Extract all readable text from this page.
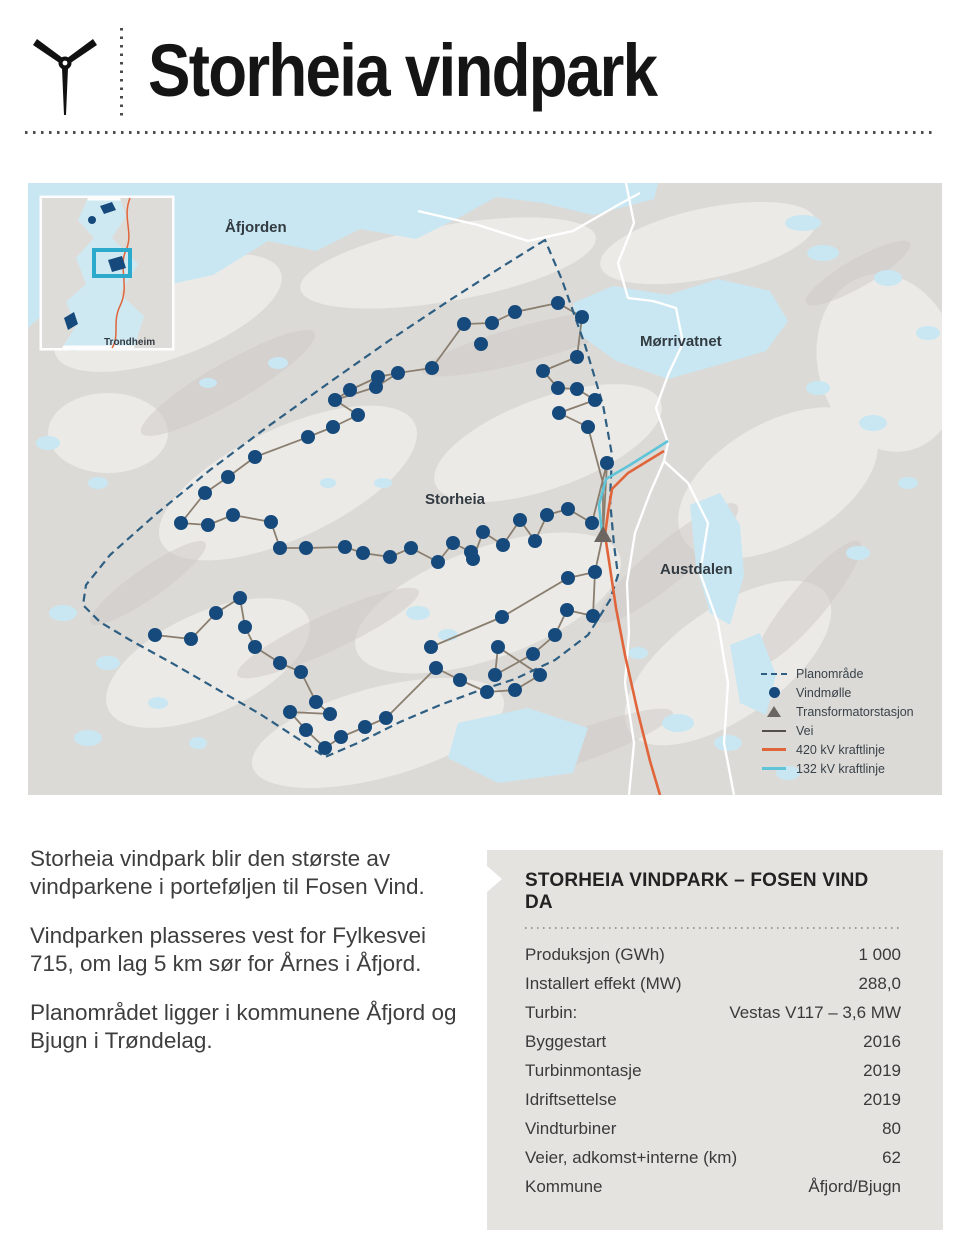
Storheia vindpark
Trondheim
Åfjorden
Mørrivatnet
Storheia
Austdalen
Planområde
Vindmølle
Transformatorstasjon
Vei
420 kV kraftlinje
132 kV kraftlinje

Storheia vindpark blir den største av vindparkene i porteføljen til Fosen Vind.

Vindparken plasseres vest for Fylkesvei 715, om lag 5 km sør for Årnes i Åfjord.

Planområdet ligger i kommunene Åfjord og Bjugn i Trøndelag.

STORHEIA VINDPARK – FOSEN VIND DA
Produksjon (GWh)	1 000
Installert effekt (MW)	288,0
Turbin:	Vestas V117 – 3,6 MW
Byggestart	2016
Turbinmontasje	2019
Idriftsettelse	2019
Vindturbiner	80
Veier, adkomst+interne (km)	62
Kommune	Åfjord/Bjugn
